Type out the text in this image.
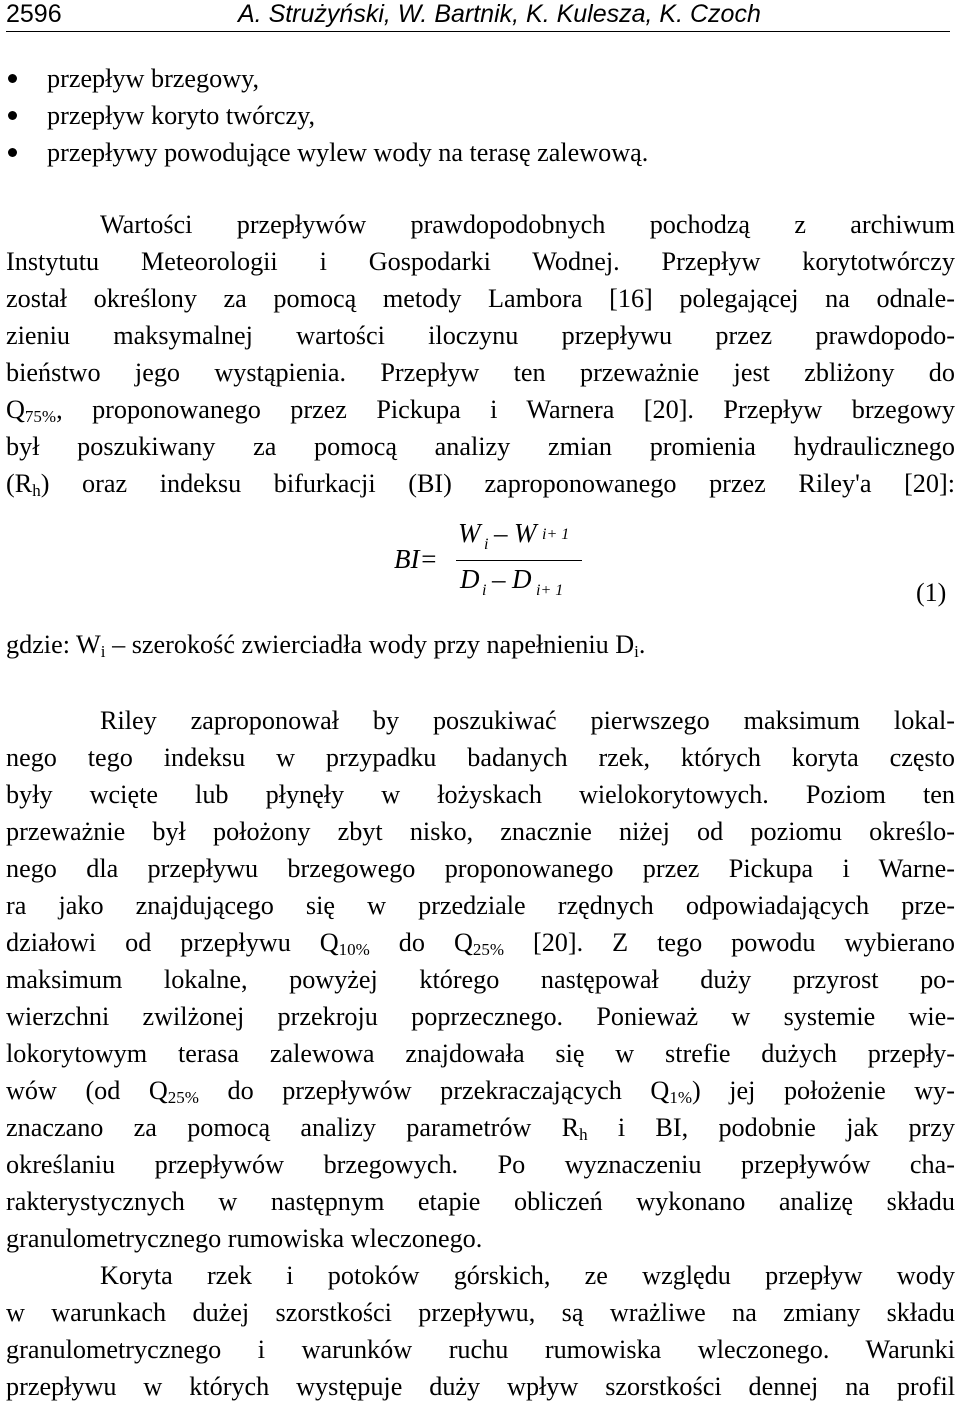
2596	A. Strużyński, W. Bartnik, K. Kulesza, K. Czoch
przepływ brzegowy,
przepływ koryto twórczy,
przepływy powodujące wylew wody na terasę zalewową.
Wartości przepływów prawdopodobnych pochodzą z archiwum
Instytutu Meteorologii i Gospodarki Wodnej. Przepływ korytotwórczy
został określony za pomocą metody Lambora [16] polegającej na odnale-
zieniu maksymalnej wartości iloczynu przepływu przez prawdopodo-
bieństwo jego wystąpienia. Przepływ ten przeważnie jest zbliżony do
$Q_{75\%}$, proponowanego przez Pickupa i Warnera [20]. Przepływ brzegowy
był poszukiwany za pomocą analizy zmian promienia hydraulicznego
$(R_h)$ oraz indeksu bifurkacji (BI) zaproponowanego przez Riley'a [20]:
BI=
W i – W i+ 1
D i – D i+ 1	(1)
gdzie: $W_i$ – szerokość zwierciadła wody przy napełnieniu $D_i$.
Riley zaproponował by poszukiwać pierwszego maksimum lokal-
nego tego indeksu w przypadku badanych rzek, których koryta często
były wcięte lub płynęły w łożyskach wielokorytowych. Poziom ten
przeważnie był położony zbyt nisko, znacznie niżej od poziomu określo-
nego dla przepływu brzegowego proponowanego przez Pickupa i Warne-
ra jako znajdującego się w przedziale rzędnych odpowiadających prze-
działowi od przepływu $Q_{10\%}$ do $Q_{25\%}$ [20]. Z tego powodu wybierano
maksimum lokalne, powyżej którego następował duży przyrost po-
wierzchni zwilżonej przekroju poprzecznego. Ponieważ w systemie wie-
lokorytowym terasa zalewowa znajdowała się w strefie dużych przepły-
wów (od $Q_{25\%}$ do przepływów przekraczających $Q_{1\%}$) jej położenie wy-
znaczano za pomocą analizy parametrów $R_h$ i BI, podobnie jak przy
określaniu przepływów brzegowych. Po wyznaczeniu przepływów cha-
rakterystycznych w następnym etapie obliczeń wykonano analizę składu
granulometrycznego rumowiska wleczonego.
Koryta rzek i potoków górskich, ze względu przepływ wody
w warunkach dużej szorstkości przepływu, są wrażliwe na zmiany składu
granulometrycznego i warunków ruchu rumowiska wleczonego. Warunki
przepływu w których występuje duży wpływ szorstkości dennej na profil
